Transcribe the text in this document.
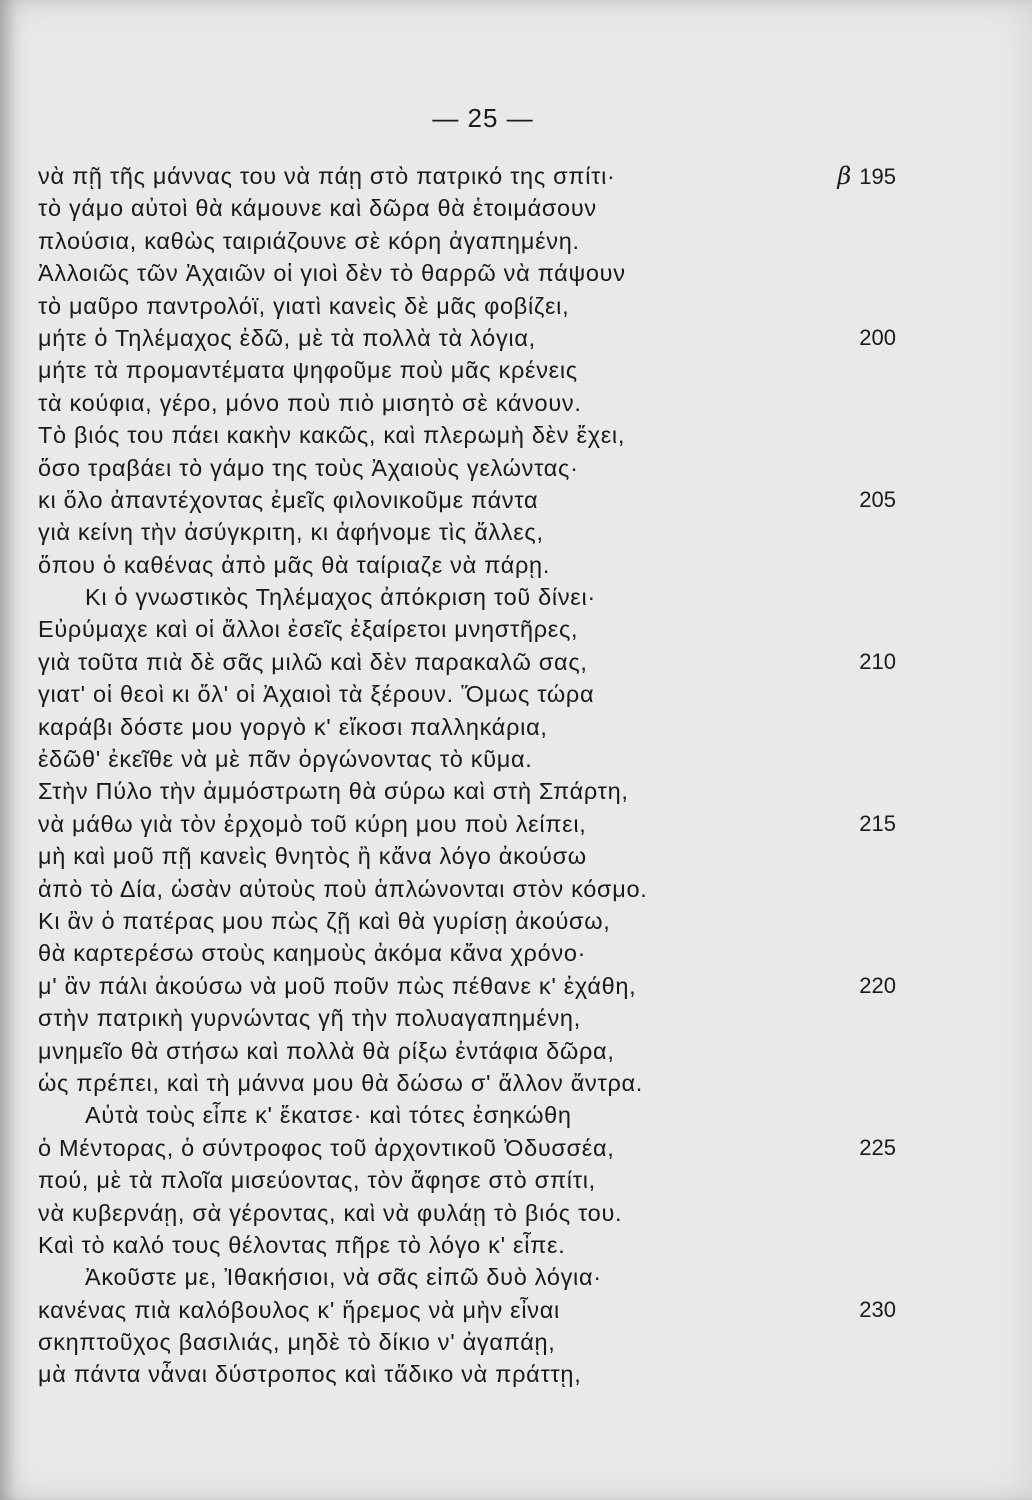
— 25 —
νὰ πῇ τῆς μάννας του νὰ πάῃ στὸ πατρικό της σπίτι·	β 195
τὸ γάμο αὐτοὶ θὰ κάμουνε καὶ δῶρα θὰ ἑτοιμάσουν
πλούσια, καθὼς ταιριάζουνε σὲ κόρη ἀγαπημένη.
Ἀλλοιῶς τῶν Ἀχαιῶν οἱ γιοὶ δὲν τὸ θαρρῶ νὰ πάψουν
τὸ μαῦρο παντρολόϊ, γιατὶ κανεὶς δὲ μᾶς φοβίζει,
μήτε ὁ Τηλέμαχος ἐδῶ, μὲ τὰ πολλὰ τὰ λόγια,	200
μήτε τὰ προμαντέματα ψηφοῦμε ποὺ μᾶς κρένεις
τὰ κούφια, γέρο, μόνο ποὺ πιὸ μισητὸ σὲ κάνουν.
Τὸ βιός του πάει κακὴν κακῶς, καὶ πλερωμὴ δὲν ἔχει,
ὅσο τραβάει τὸ γάμο της τοὺς Ἀχαιοὺς γελώντας·
κι ὅλο ἀπαντέχοντας ἐμεῖς φιλονικοῦμε πάντα	205
γιὰ κείνη τὴν ἀσύγκριτη, κι ἀφήνομε τὶς ἄλλες,
ὅπου ὁ καθένας ἀπὸ μᾶς θὰ ταίριαζε νὰ πάρῃ.
Κι ὁ γνωστικὸς Τηλέμαχος ἀπόκριση τοῦ δίνει·
Εὐρύμαχε καὶ οἱ ἄλλοι ἐσεῖς ἐξαίρετοι μνηστῆρες,
γιὰ τοῦτα πιὰ δὲ σᾶς μιλῶ καὶ δὲν παρακαλῶ σας,	210
γιατ' οἱ θεοὶ κι ὅλ' οἱ Ἀχαιοὶ τὰ ξέρουν. Ὅμως τώρα
καράβι δόστε μου γοργὸ κ' εἴκοσι παλληκάρια,
ἐδῶθ' ἐκεῖθε νὰ μὲ πᾶν ὀργώνοντας τὸ κῦμα.
Στὴν Πύλο τὴν ἀμμόστρωτη θὰ σύρω καὶ στὴ Σπάρτη,
νὰ μάθω γιὰ τὸν ἐρχομὸ τοῦ κύρη μου ποὺ λείπει,	215
μὴ καὶ μοῦ πῇ κανεὶς θνητὸς ἢ κἄνα λόγο ἀκούσω
ἀπὸ τὸ Δία, ὡσὰν αὐτοὺς ποὺ ἁπλώνονται στὸν κόσμο.
Κι ἂν ὁ πατέρας μου πὼς ζῇ καὶ θὰ γυρίσῃ ἀκούσω,
θὰ καρτερέσω στοὺς καημοὺς ἀκόμα κἄνα χρόνο·
μ' ἂν πάλι ἀκούσω νὰ μοῦ ποῦν πὼς πέθανε κ' ἐχάθη,	220
στὴν πατρικὴ γυρνώντας γῆ τὴν πολυαγαπημένη,
μνημεῖο θὰ στήσω καὶ πολλὰ θὰ ρίξω ἐντάφια δῶρα,
ὡς πρέπει, καὶ τὴ μάννα μου θὰ δώσω σ' ἄλλον ἄντρα.
Αὐτὰ τοὺς εἶπε κ' ἔκατσε· καὶ τότες ἐσηκώθη
ὁ Μέντορας, ὁ σύντροφος τοῦ ἀρχοντικοῦ Ὀδυσσέα,	225
πού, μὲ τὰ πλοῖα μισεύοντας, τὸν ἄφησε στὸ σπίτι,
νὰ κυβερνάῃ, σὰ γέροντας, καὶ νὰ φυλάῃ τὸ βιός του.
Καὶ τὸ καλό τους θέλοντας πῆρε τὸ λόγο κ' εἶπε.
Ἀκοῦστε με, Ἰθακήσιοι, νὰ σᾶς εἰπῶ δυὸ λόγια·
κανένας πιὰ καλόβουλος κ' ἥρεμος νὰ μὴν εἶναι	230
σκηπτοῦχος βασιλιάς, μηδὲ τὸ δίκιο ν' ἀγαπάῃ,
μὰ πάντα νἆναι δύστροπος καὶ τἄδικο νὰ πράττῃ,
